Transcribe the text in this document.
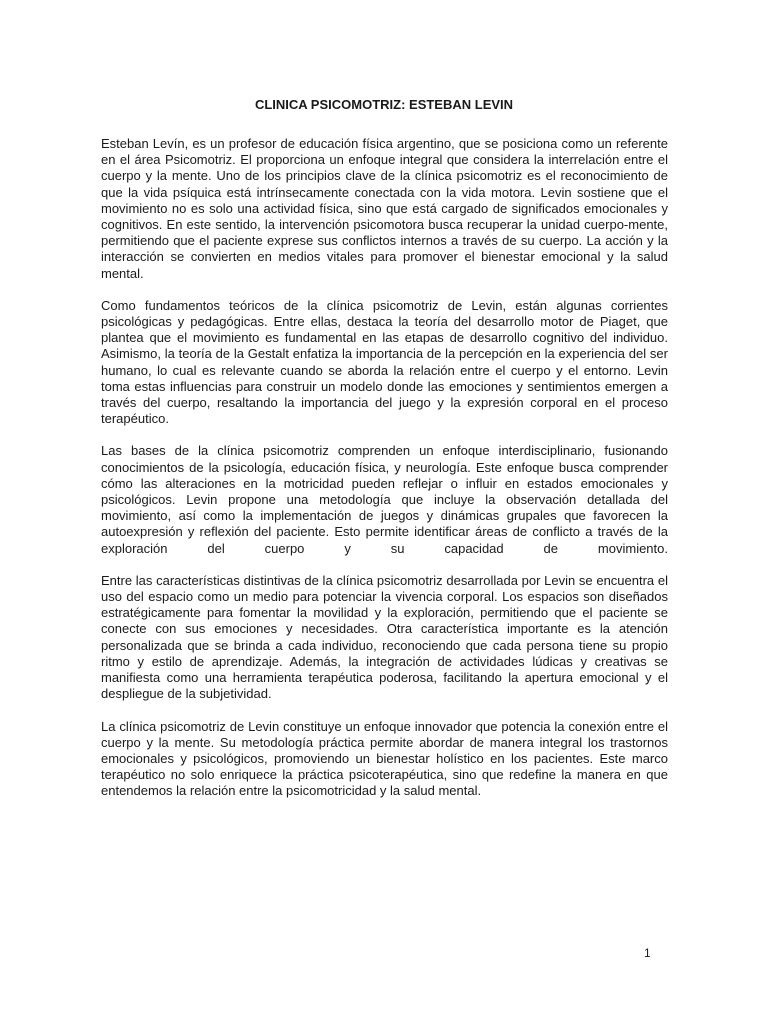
CLINICA PSICOMOTRIZ: ESTEBAN LEVIN

Esteban Levín, es un profesor de educación física argentino, que se posiciona como un referente en el área Psicomotriz. El proporciona un enfoque integral que considera la interrelación entre el cuerpo y la mente. Uno de los principios clave de la clínica psicomotriz es el reconocimiento de que la vida psíquica está intrínsecamente conectada con la vida motora. Levin sostiene que el movimiento no es solo una actividad física, sino que está cargado de significados emocionales y cognitivos. En este sentido, la intervención psicomotora busca recuperar la unidad cuerpo-mente, permitiendo que el paciente exprese sus conflictos internos a través de su cuerpo. La acción y la interacción se convierten en medios vitales para promover el bienestar emocional y la salud mental.

Como fundamentos teóricos de la clínica psicomotriz de Levin, están algunas corrientes psicológicas y pedagógicas. Entre ellas, destaca la teoría del desarrollo motor de Piaget, que plantea que el movimiento es fundamental en las etapas de desarrollo cognitivo del individuo. Asimismo, la teoría de la Gestalt enfatiza la importancia de la percepción en la experiencia del ser humano, lo cual es relevante cuando se aborda la relación entre el cuerpo y el entorno. Levin toma estas influencias para construir un modelo donde las emociones y sentimientos emergen a través del cuerpo, resaltando la importancia del juego y la expresión corporal en el proceso terapéutico.

Las bases de la clínica psicomotriz comprenden un enfoque interdisciplinario, fusionando conocimientos de la psicología, educación física, y neurología. Este enfoque busca comprender cómo las alteraciones en la motricidad pueden reflejar o influir en estados emocionales y psicológicos. Levin propone una metodología que incluye la observación detallada del movimiento, así como la implementación de juegos y dinámicas grupales que favorecen la autoexpresión y reflexión del paciente. Esto permite identificar áreas de conflicto a través de la exploración del cuerpo y su capacidad de movimiento.

Entre las características distintivas de la clínica psicomotriz desarrollada por Levin se encuentra el uso del espacio como un medio para potenciar la vivencia corporal. Los espacios son diseñados estratégicamente para fomentar la movilidad y la exploración, permitiendo que el paciente se conecte con sus emociones y necesidades. Otra característica importante es la atención personalizada que se brinda a cada individuo, reconociendo que cada persona tiene su propio ritmo y estilo de aprendizaje. Además, la integración de actividades lúdicas y creativas se manifiesta como una herramienta terapéutica poderosa, facilitando la apertura emocional y el despliegue de la subjetividad.

La clínica psicomotriz de Levin constituye un enfoque innovador que potencia la conexión entre el cuerpo y la mente. Su metodología práctica permite abordar de manera integral los trastornos emocionales y psicológicos, promoviendo un bienestar holístico en los pacientes. Este marco terapéutico no solo enriquece la práctica psicoterapéutica, sino que redefine la manera en que entendemos la relación entre la psicomotricidad y la salud mental.

1
